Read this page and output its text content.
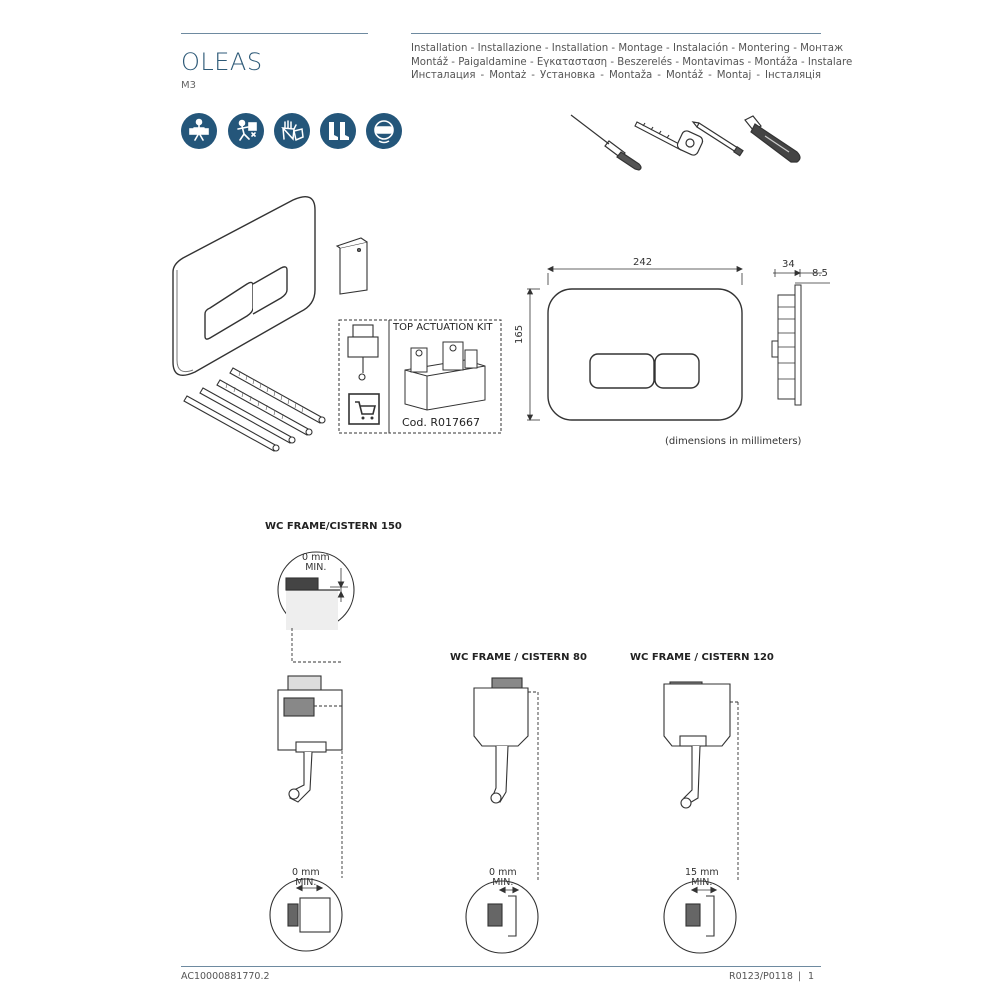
OLEAS
M3
Installation - Installazione - Installation - Montage - Instalación - Montering - Монтаж
Montáž - Paigaldamine - Εγκατασταση - Beszerelés - Montavimas - Montáža - Instalare
Инсталация - Montaż - Установка - Montaža - Montáž - Montaj - Інсталяція
TOP ACTUATION KIT
Cod. R017667
242
165
34
8.5
(dimensions in millimeters)
WC FRAME/CISTERN 150
WC FRAME / CISTERN 80	WC FRAME / CISTERN 120
0 mm
MIN.
0 mm
MIN.
0 mm
MIN.
15 mm
MIN.
AC10000881770.2	R0123/P0118 | 1
